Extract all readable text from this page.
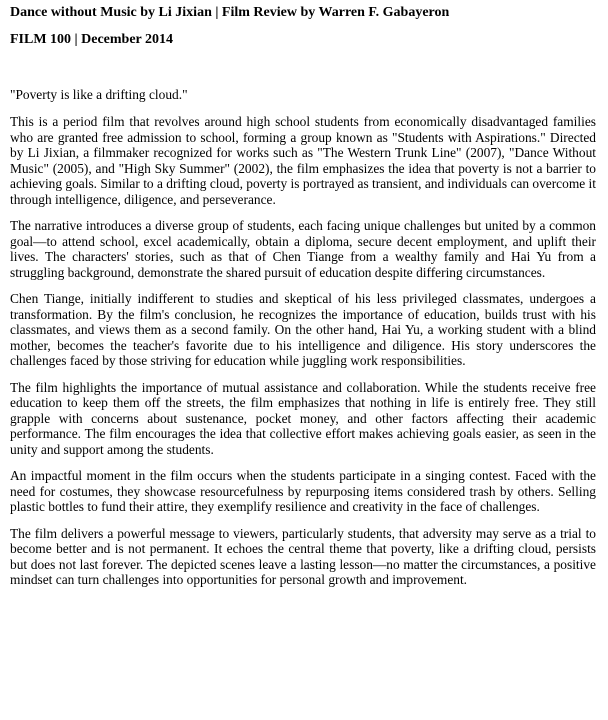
Dance without Music by Li Jixian | Film Review by Warren F. Gabayeron

FILM 100 | December 2014

"Poverty is like a drifting cloud."

This is a period film that revolves around high school students from economically disadvantaged families who are granted free admission to school, forming a group known as "Students with Aspirations." Directed by Li Jixian, a filmmaker recognized for works such as "The Western Trunk Line" (2007), "Dance Without Music" (2005), and "High Sky Summer" (2002), the film emphasizes the idea that poverty is not a barrier to achieving goals. Similar to a drifting cloud, poverty is portrayed as transient, and individuals can overcome it through intelligence, diligence, and perseverance.

The narrative introduces a diverse group of students, each facing unique challenges but united by a common goal—to attend school, excel academically, obtain a diploma, secure decent employment, and uplift their lives. The characters' stories, such as that of Chen Tiange from a wealthy family and Hai Yu from a struggling background, demonstrate the shared pursuit of education despite differing circumstances.

Chen Tiange, initially indifferent to studies and skeptical of his less privileged classmates, undergoes a transformation. By the film's conclusion, he recognizes the importance of education, builds trust with his classmates, and views them as a second family. On the other hand, Hai Yu, a working student with a blind mother, becomes the teacher's favorite due to his intelligence and diligence. His story underscores the challenges faced by those striving for education while juggling work responsibilities.

The film highlights the importance of mutual assistance and collaboration. While the students receive free education to keep them off the streets, the film emphasizes that nothing in life is entirely free. They still grapple with concerns about sustenance, pocket money, and other factors affecting their academic performance. The film encourages the idea that collective effort makes achieving goals easier, as seen in the unity and support among the students.

An impactful moment in the film occurs when the students participate in a singing contest. Faced with the need for costumes, they showcase resourcefulness by repurposing items considered trash by others. Selling plastic bottles to fund their attire, they exemplify resilience and creativity in the face of challenges.

The film delivers a powerful message to viewers, particularly students, that adversity may serve as a trial to become better and is not permanent. It echoes the central theme that poverty, like a drifting cloud, persists but does not last forever. The depicted scenes leave a lasting lesson—no matter the circumstances, a positive mindset can turn challenges into opportunities for personal growth and improvement.
